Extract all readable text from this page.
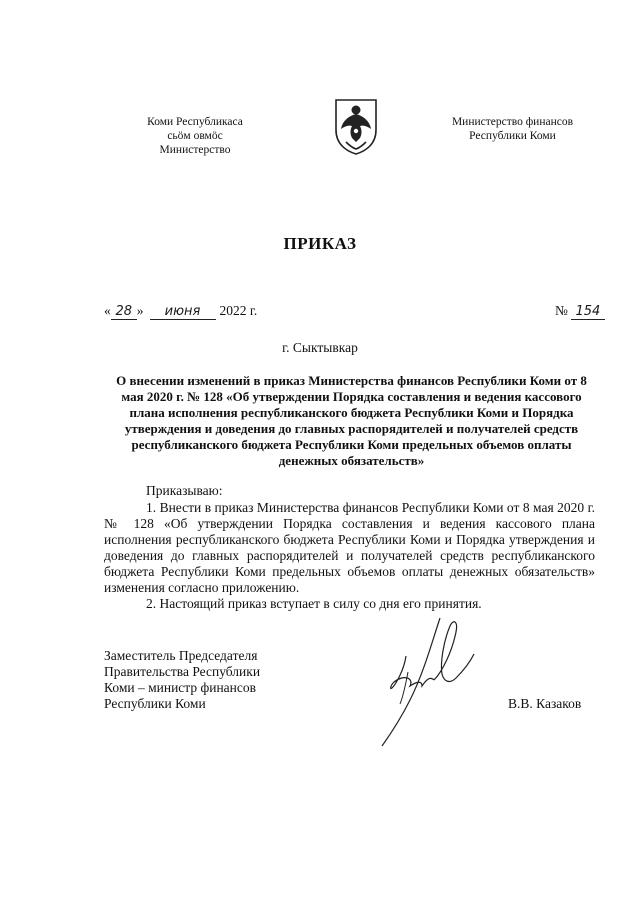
Коми Республикаса
сьӧм овмӧс
Министерство
Министерство финансов
Республики Коми
ПРИКАЗ
« 28 » июня 2022 г.	№ 154
г. Сыктывкар
О внесении изменений в приказ Министерства финансов Республики Коми от 8 мая 2020 г. № 128 «Об утверждении Порядка составления и ведения кассового плана исполнения республиканского бюджета Республики Коми и Порядка утверждения и доведения до главных распорядителей и получателей средств республиканского бюджета Республики Коми предельных объемов оплаты денежных обязательств»
Приказываю:

1. Внести в приказ Министерства финансов Республики Коми от 8 мая 2020 г. № 128 «Об утверждении Порядка составления и ведения кассового плана исполнения республиканского бюджета Республики Коми и Порядка утверждения и доведения до главных распорядителей и получателей средств республиканского бюджета Республики Коми предельных объемов оплаты денежных обязательств» изменения согласно приложению.

2. Настоящий приказ вступает в силу со дня его принятия.

Заместитель Председателя
Правительства Республики
Коми – министр финансов
Республики Коми	В.В. Казаков
